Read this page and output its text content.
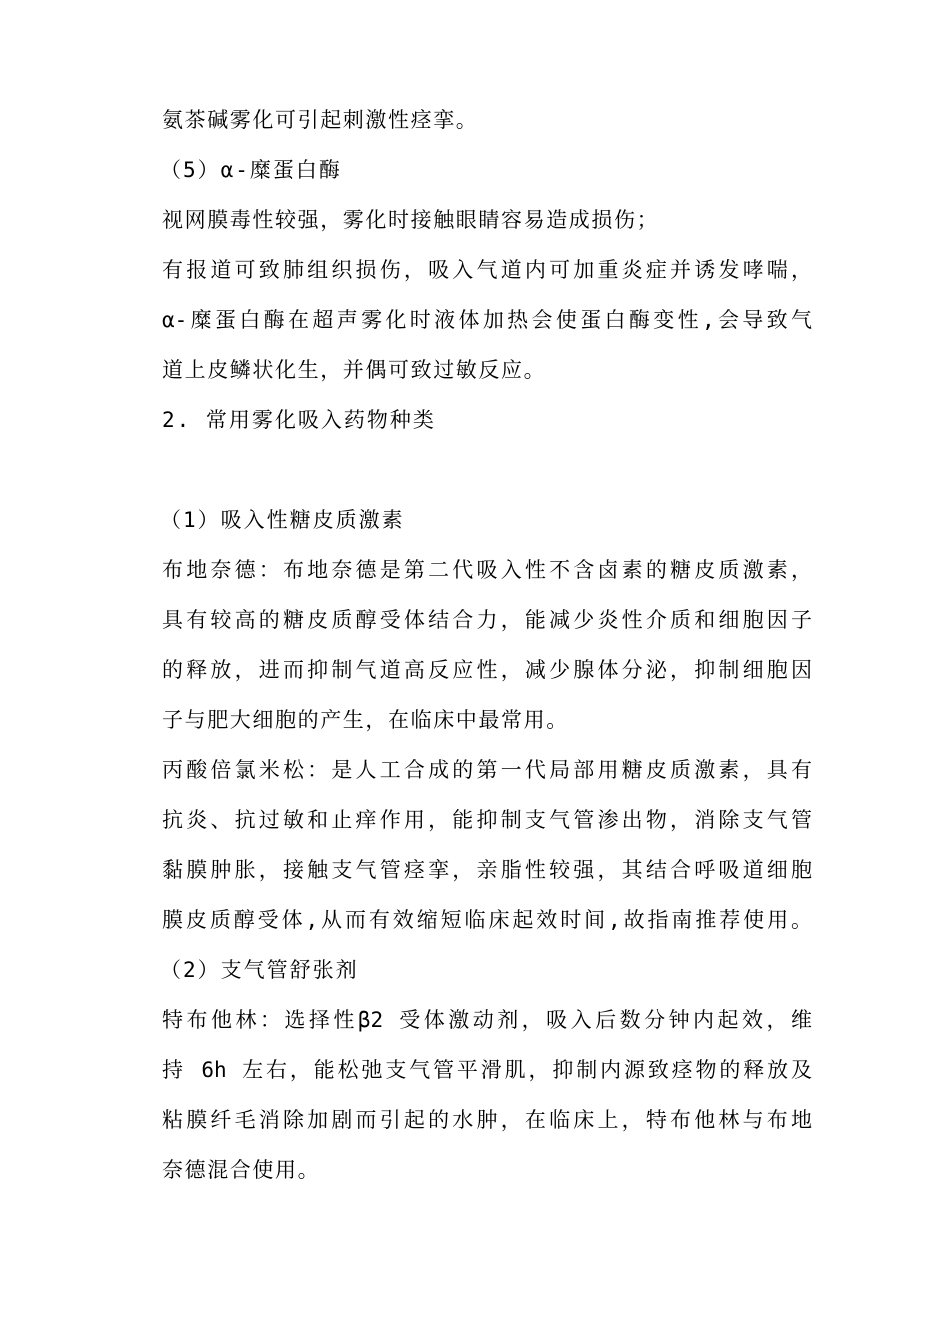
氨茶碱雾化可引起刺激性痉挛。
（5）α-糜蛋白酶
视网膜毒性较强，雾化时接触眼睛容易造成损伤；
有报道可致肺组织损伤，吸入气道内可加重炎症并诱发哮喘，
α-糜蛋白酶在超声雾化时液体加热会使蛋白酶变性,会导致气
道上皮鳞状化生，并偶可致过敏反应。
2. 常用雾化吸入药物种类
（1）吸入性糖皮质激素
布地奈德：布地奈德是第二代吸入性不含卤素的糖皮质激素，
具有较高的糖皮质醇受体结合力，能减少炎性介质和细胞因子
的释放，进而抑制气道高反应性，减少腺体分泌，抑制细胞因
子与肥大细胞的产生，在临床中最常用。
丙酸倍氯米松：是人工合成的第一代局部用糖皮质激素，具有
抗炎、抗过敏和止痒作用，能抑制支气管渗出物，消除支气管
黏膜肿胀，接触支气管痉挛，亲脂性较强，其结合呼吸道细胞
膜皮质醇受体,从而有效缩短临床起效时间,故指南推荐使用。
（2）支气管舒张剂
特布他林：选择性β2 受体激动剂，吸入后数分钟内起效，维
持 6h 左右，能松弛支气管平滑肌，抑制内源致痉物的释放及
粘膜纤毛消除加剧而引起的水肿，在临床上，特布他林与布地
奈德混合使用。
